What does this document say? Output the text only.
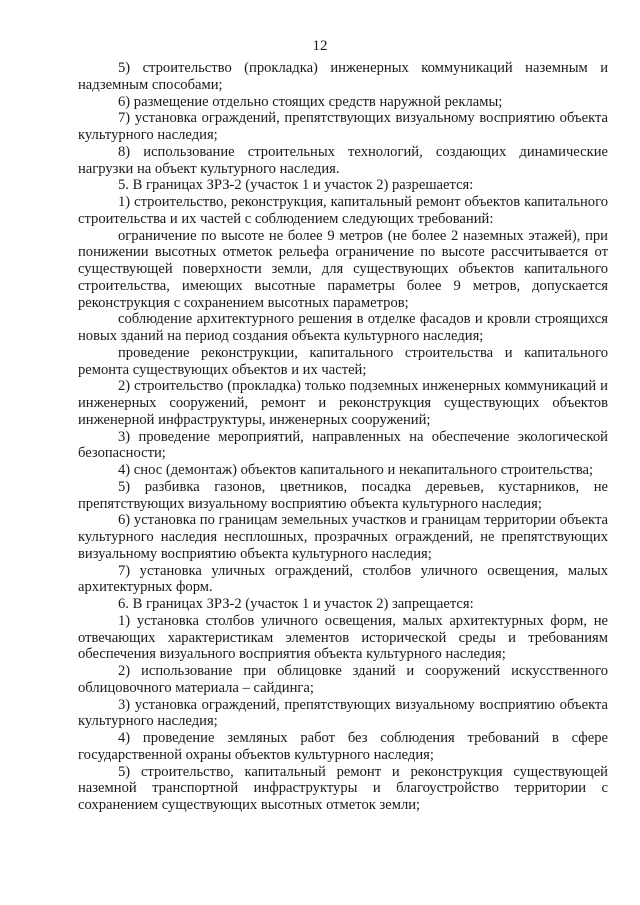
12

5) строительство (прокладка) инженерных коммуникаций наземным и надземным способами;

6) размещение отдельно стоящих средств наружной рекламы;

7) установка ограждений, препятствующих визуальному восприятию объекта культурного наследия;

8) использование строительных технологий, создающих динамические нагрузки на объект культурного наследия.

5. В границах ЗРЗ-2 (участок 1 и участок 2) разрешается:

1) строительство, реконструкция, капитальный ремонт объектов капитального строительства и их частей с соблюдением следующих требований:

ограничение по высоте не более 9 метров (не более 2 наземных этажей), при понижении высотных отметок рельефа ограничение по высоте рассчитывается от существующей поверхности земли, для существующих объектов капитального строительства, имеющих высотные параметры более 9 метров, допускается реконструкция с сохранением высотных параметров;

соблюдение архитектурного решения в отделке фасадов и кровли строящихся новых зданий на период создания объекта культурного наследия;

проведение реконструкции, капитального строительства и капитального ремонта существующих объектов и их частей;

2) строительство (прокладка) только подземных инженерных коммуникаций и инженерных сооружений, ремонт и реконструкция существующих объектов инженерной инфраструктуры, инженерных сооружений;

3) проведение мероприятий, направленных на обеспечение экологической безопасности;

4) снос (демонтаж) объектов капитального и некапитального строительства;

5) разбивка газонов, цветников, посадка деревьев, кустарников, не препятствующих визуальному восприятию объекта культурного наследия;

6) установка по границам земельных участков и границам территории объекта культурного наследия несплошных, прозрачных ограждений, не препятствующих визуальному восприятию объекта культурного наследия;

7) установка уличных ограждений, столбов уличного освещения, малых архитектурных форм.

6. В границах ЗРЗ-2 (участок 1 и участок 2) запрещается:

1) установка столбов уличного освещения, малых архитектурных форм, не отвечающих характеристикам элементов исторической среды и требованиям обеспечения визуального восприятия объекта культурного наследия;

2) использование при облицовке зданий и сооружений искусственного облицовочного материала – сайдинга;

3) установка ограждений, препятствующих визуальному восприятию объекта культурного наследия;

4) проведение земляных работ без соблюдения требований в сфере государственной охраны объектов культурного наследия;

5) строительство, капитальный ремонт и реконструкция существующей наземной транспортной инфраструктуры и благоустройство территории с сохранением существующих высотных отметок земли;
